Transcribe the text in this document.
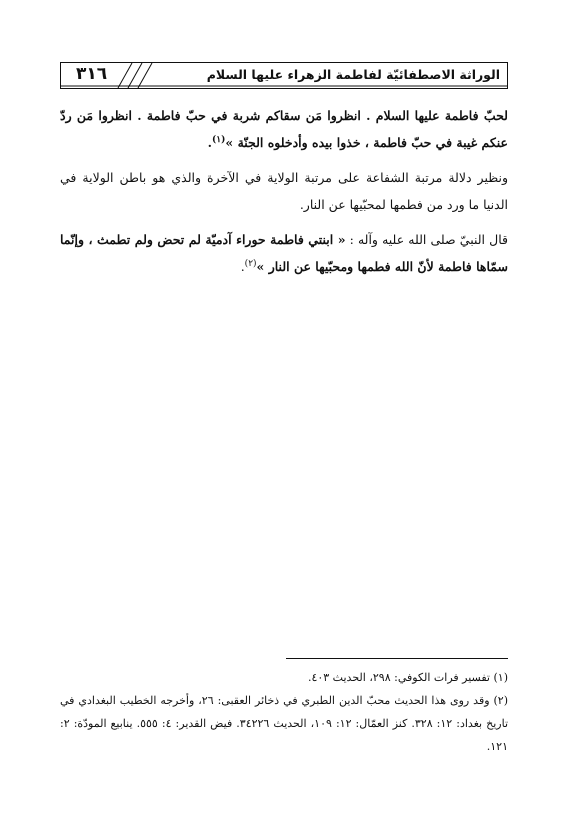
٣١٦	الوراثة الاصطفائيّة لفاطمة الزهراء عليها السلام

لحبّ فاطمة عليها السلام . انظروا مَن سقاكم شربة في حبّ فاطمة . انظروا مَن ردّ عنكم غيبة في حبّ فاطمة ، خذوا بيده وأدخلوه الجنّة »$^{(١)}$.

ونظير دلالة مرتبة الشفاعة على مرتبة الولاية في الآخرة والذي هو باطن الولاية في الدنيا ما ورد من فطمها لمحبّيها عن النار.

قال النبيّ صلى الله عليه وآله : « ابنتي فاطمة حوراء آدميّة لم تحض ولم تطمث ، وإنّما سمّاها فاطمة لأنّ الله فطمها ومحبّيها عن النار »$^{(٢)}$.

(١) تفسير فرات الكوفي: ٢٩٨، الحديث ٤٠٣.

(٢) وقد روى هذا الحديث محبّ الدين الطبري في ذخائر العقبى: ٢٦، وأخرجه الخطيب البغدادي في تاريخ بغداد: ١٢: ٣٢٨. كنز العمّال: ١٢: ١٠٩، الحديث ٣٤٢٢٦. فيض القدير: ٤: ٥٥٥. ينابيع المودّة: ٢: ١٢١.
